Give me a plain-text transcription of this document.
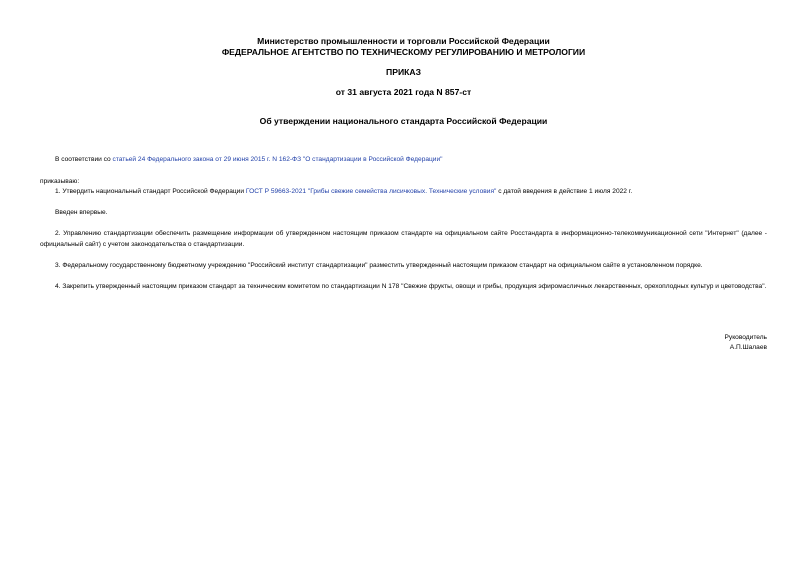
Министерство промышленности и торговли Российской Федерации
ФЕДЕРАЛЬНОЕ АГЕНТСТВО ПО ТЕХНИЧЕСКОМУ РЕГУЛИРОВАНИЮ И МЕТРОЛОГИИ
ПРИКАЗ
от 31 августа 2021 года N 857-ст
Об утверждении национального стандарта Российской Федерации
В соответствии со статьей 24 Федерального закона от 29 июня 2015 г. N 162-ФЗ "О стандартизации в Российской Федерации"
приказываю:
1. Утвердить национальный стандарт Российской Федерации ГОСТ Р 59663-2021 "Грибы свежие семейства лисичковых. Технические условия" с датой введения в действие 1 июля 2022 г.
Введен впервые.
2. Управлению стандартизации обеспечить размещение информации об утвержденном настоящим приказом стандарте на официальном сайте Росстандарта в информационно-телекоммуникационной сети "Интернет" (далее - официальный сайт) с учетом законодательства о стандартизации.
3. Федеральному государственному бюджетному учреждению "Российский институт стандартизации" разместить утвержденный настоящим приказом стандарт на официальном сайте в установленном порядке.
4. Закрепить утвержденный настоящим приказом стандарт за техническим комитетом по стандартизации N 178 "Свежие фрукты, овощи и грибы, продукция эфиромасличных лекарственных, орехоплодных культур и цветоводства".
Руководитель
А.П.Шалаев
